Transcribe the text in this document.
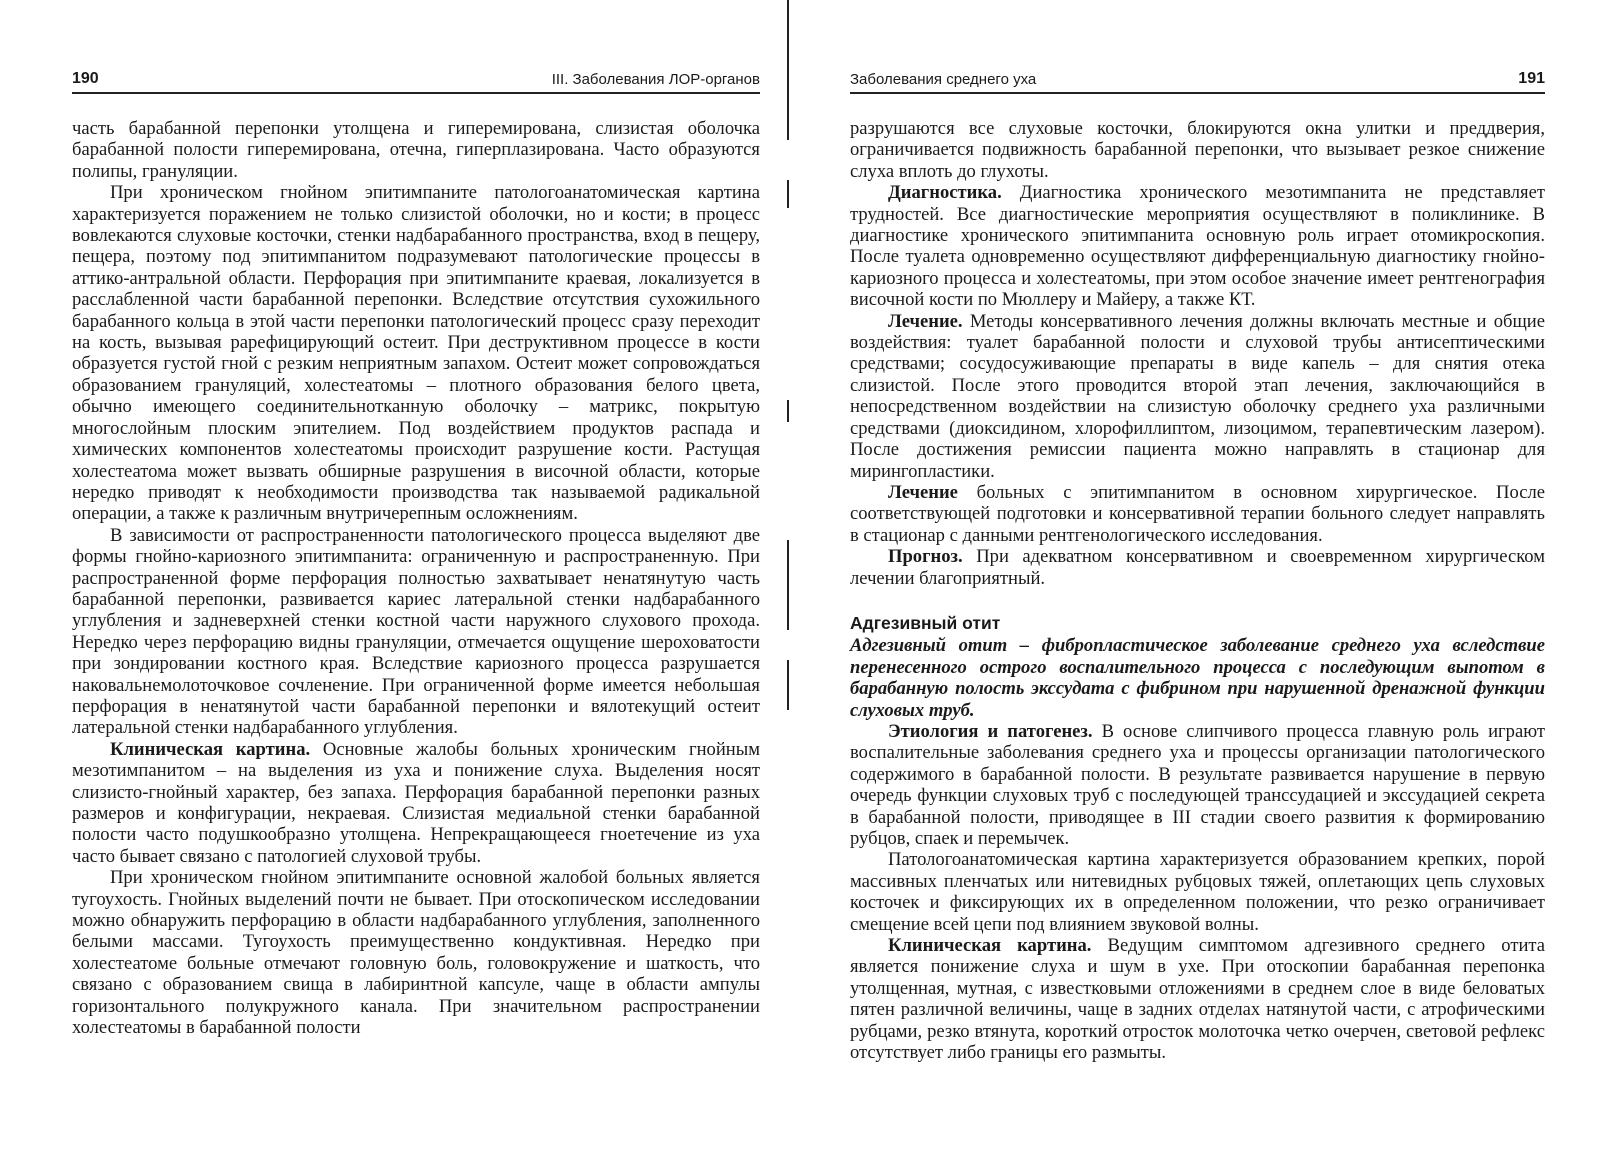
190	III. Заболевания ЛОР-органов

часть барабанной перепонки утолщена и гиперемирована, слизистая оболочка барабанной полости гиперемирована, отечна, гиперплазирована. Часто образуются полипы, грануляции.

При хроническом гнойном эпитимпаните патологоанатомическая картина характеризуется поражением не только слизистой оболочки, но и кости; в процесс вовлекаются слуховые косточки, стенки надбарабанного пространства, вход в пещеру, пещера, поэтому под эпитимпанитом подразумевают патологические процессы в аттико-антральной области. Перфорация при эпитимпаните краевая, локализуется в расслабленной части барабанной перепонки. Вследствие отсутствия сухожильного барабанного кольца в этой части перепонки патологический процесс сразу переходит на кость, вызывая рарефицирующий остеит. При деструктивном процессе в кости образуется густой гной с резким неприятным запахом. Остеит может сопровождаться образованием грануляций, холестеатомы – плотного образования белого цвета, обычно имеющего соединительнотканную оболочку – матрикс, покрытую многослойным плоским эпителием. Под воздействием продуктов распада и химических компонентов холестеатомы происходит разрушение кости. Растущая холестеатома может вызвать обширные разрушения в височной области, которые нередко приводят к необходимости производства так называемой радикальной операции, а также к различным внутричерепным осложнениям.

В зависимости от распространенности патологического процесса выделяют две формы гнойно-кариозного эпитимпанита: ограниченную и распространенную. При распространенной форме перфорация полностью захватывает ненатянутую часть барабанной перепонки, развивается кариес латеральной стенки надбарабанного углубления и задневерхней стенки костной части наружного слухового прохода. Нередко через перфорацию видны грануляции, отмечается ощущение шероховатости при зондировании костного края. Вследствие кариозного процесса разрушается наковальнемолоточковое сочленение. При ограниченной форме имеется небольшая перфорация в ненатянутой части барабанной перепонки и вялотекущий остеит латеральной стенки надбарабанного углубления.

Клиническая картина. Основные жалобы больных хроническим гнойным мезотимпанитом – на выделения из уха и понижение слуха. Выделения носят слизисто-гнойный характер, без запаха. Перфорация барабанной перепонки разных размеров и конфигурации, некраевая. Слизистая медиальной стенки барабанной полости часто подушкообразно утолщена. Непрекращающееся гноетечение из уха часто бывает связано с патологией слуховой трубы.

При хроническом гнойном эпитимпаните основной жалобой больных является тугоухость. Гнойных выделений почти не бывает. При отоскопическом исследовании можно обнаружить перфорацию в области надбарабанного углубления, заполненного белыми массами. Тугоухость преимущественно кондуктивная. Нередко при холестеатоме больные отмечают головную боль, головокружение и шаткость, что связано с образованием свища в лабиринтной капсуле, чаще в области ампулы горизонтального полукружного канала. При значительном распространении холестеатомы в барабанной полости

Заболевания среднего уха	191

разрушаются все слуховые косточки, блокируются окна улитки и преддверия, ограничивается подвижность барабанной перепонки, что вызывает резкое снижение слуха вплоть до глухоты.

Диагностика. Диагностика хронического мезотимпанита не представляет трудностей. Все диагностические мероприятия осуществляют в поликлинике. В диагностике хронического эпитимпанита основную роль играет отомикроскопия. После туалета одновременно осуществляют дифференциальную диагностику гнойно-кариозного процесса и холестеатомы, при этом особое значение имеет рентгенография височной кости по Мюллеру и Майеру, а также КТ.

Лечение. Методы консервативного лечения должны включать местные и общие воздействия: туалет барабанной полости и слуховой трубы антисептическими средствами; сосудосуживающие препараты в виде капель – для снятия отека слизистой. После этого проводится второй этап лечения, заключающийся в непосредственном воздействии на слизистую оболочку среднего уха различными средствами (диоксидином, хлорофиллиптом, лизоцимом, терапевтическим лазером). После достижения ремиссии пациента можно направлять в стационар для мирингопластики.

Лечение больных с эпитимпанитом в основном хирургическое. После соответствующей подготовки и консервативной терапии больного следует направлять в стационар с данными рентгенологического исследования.

Прогноз. При адекватном консервативном и своевременном хирургическом лечении благоприятный.

Адгезивный отит

Адгезивный отит – фибропластическое заболевание среднего уха вследствие перенесенного острого воспалительного процесса с последующим выпотом в барабанную полость экссудата с фибрином при нарушенной дренажной функции слуховых труб.

Этиология и патогенез. В основе слипчивого процесса главную роль играют воспалительные заболевания среднего уха и процессы организации патологического содержимого в барабанной полости. В результате развивается нарушение в первую очередь функции слуховых труб с последующей транссудацией и экссудацией секрета в барабанной полости, приводящее в III стадии своего развития к формированию рубцов, спаек и перемычек.

Патологоанатомическая картина характеризуется образованием крепких, порой массивных пленчатых или нитевидных рубцовых тяжей, оплетающих цепь слуховых косточек и фиксирующих их в определенном положении, что резко ограничивает смещение всей цепи под влиянием звуковой волны.

Клиническая картина. Ведущим симптомом адгезивного среднего отита является понижение слуха и шум в ухе. При отоскопии барабанная перепонка утолщенная, мутная, с известковыми отложениями в среднем слое в виде беловатых пятен различной величины, чаще в задних отделах натянутой части, с атрофическими рубцами, резко втянута, короткий отросток молоточка четко очерчен, световой рефлекс отсутствует либо границы его размыты.
